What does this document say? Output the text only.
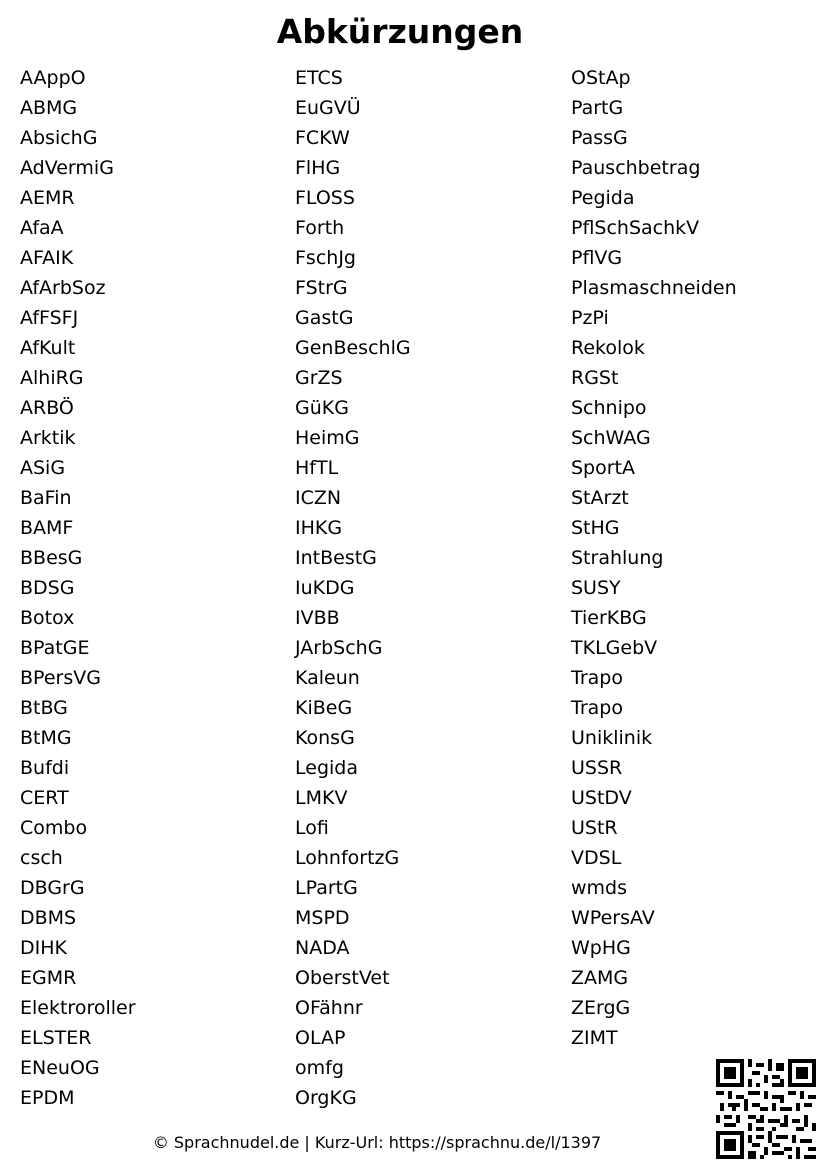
Abkürzungen
AAppO
ABMG
AbsichG
AdVermiG
AEMR
AfaA
AFAIK
AfArbSoz
AfFSFJ
AfKult
AlhiRG
ARBÖ
Arktik
ASiG
BaFin
BAMF
BBesG
BDSG
Botox
BPatGE
BPersVG
BtBG
BtMG
Bufdi
CERT
Combo
csch
DBGrG
DBMS
DIHK
EGMR
Elektroroller
ELSTER
ENeuOG
EPDM
ETCS
EuGVÜ
FCKW
FlHG
FLOSS
Forth
FschJg
FStrG
GastG
GenBeschlG
GrZS
GüKG
HeimG
HfTL
ICZN
IHKG
IntBestG
IuKDG
IVBB
JArbSchG
Kaleun
KiBeG
KonsG
Legida
LMKV
Lofi
LohnfortzG
LPartG
MSPD
NADA
OberstVet
OFähnr
OLAP
omfg
OrgKG
OStAp
PartG
PassG
Pauschbetrag
Pegida
PflSchSachkV
PflVG
Plasmaschneiden
PzPi
Rekolok
RGSt
Schnipo
SchWAG
SportA
StArzt
StHG
Strahlung
SUSY
TierKBG
TKLGebV
Trapo
Trapo
Uniklinik
USSR
UStDV
UStR
VDSL
wmds
WPersAV
WpHG
ZAMG
ZErgG
ZIMT
© Sprachnudel.de | Kurz-Url: https://sprachnu.de/l/1397
